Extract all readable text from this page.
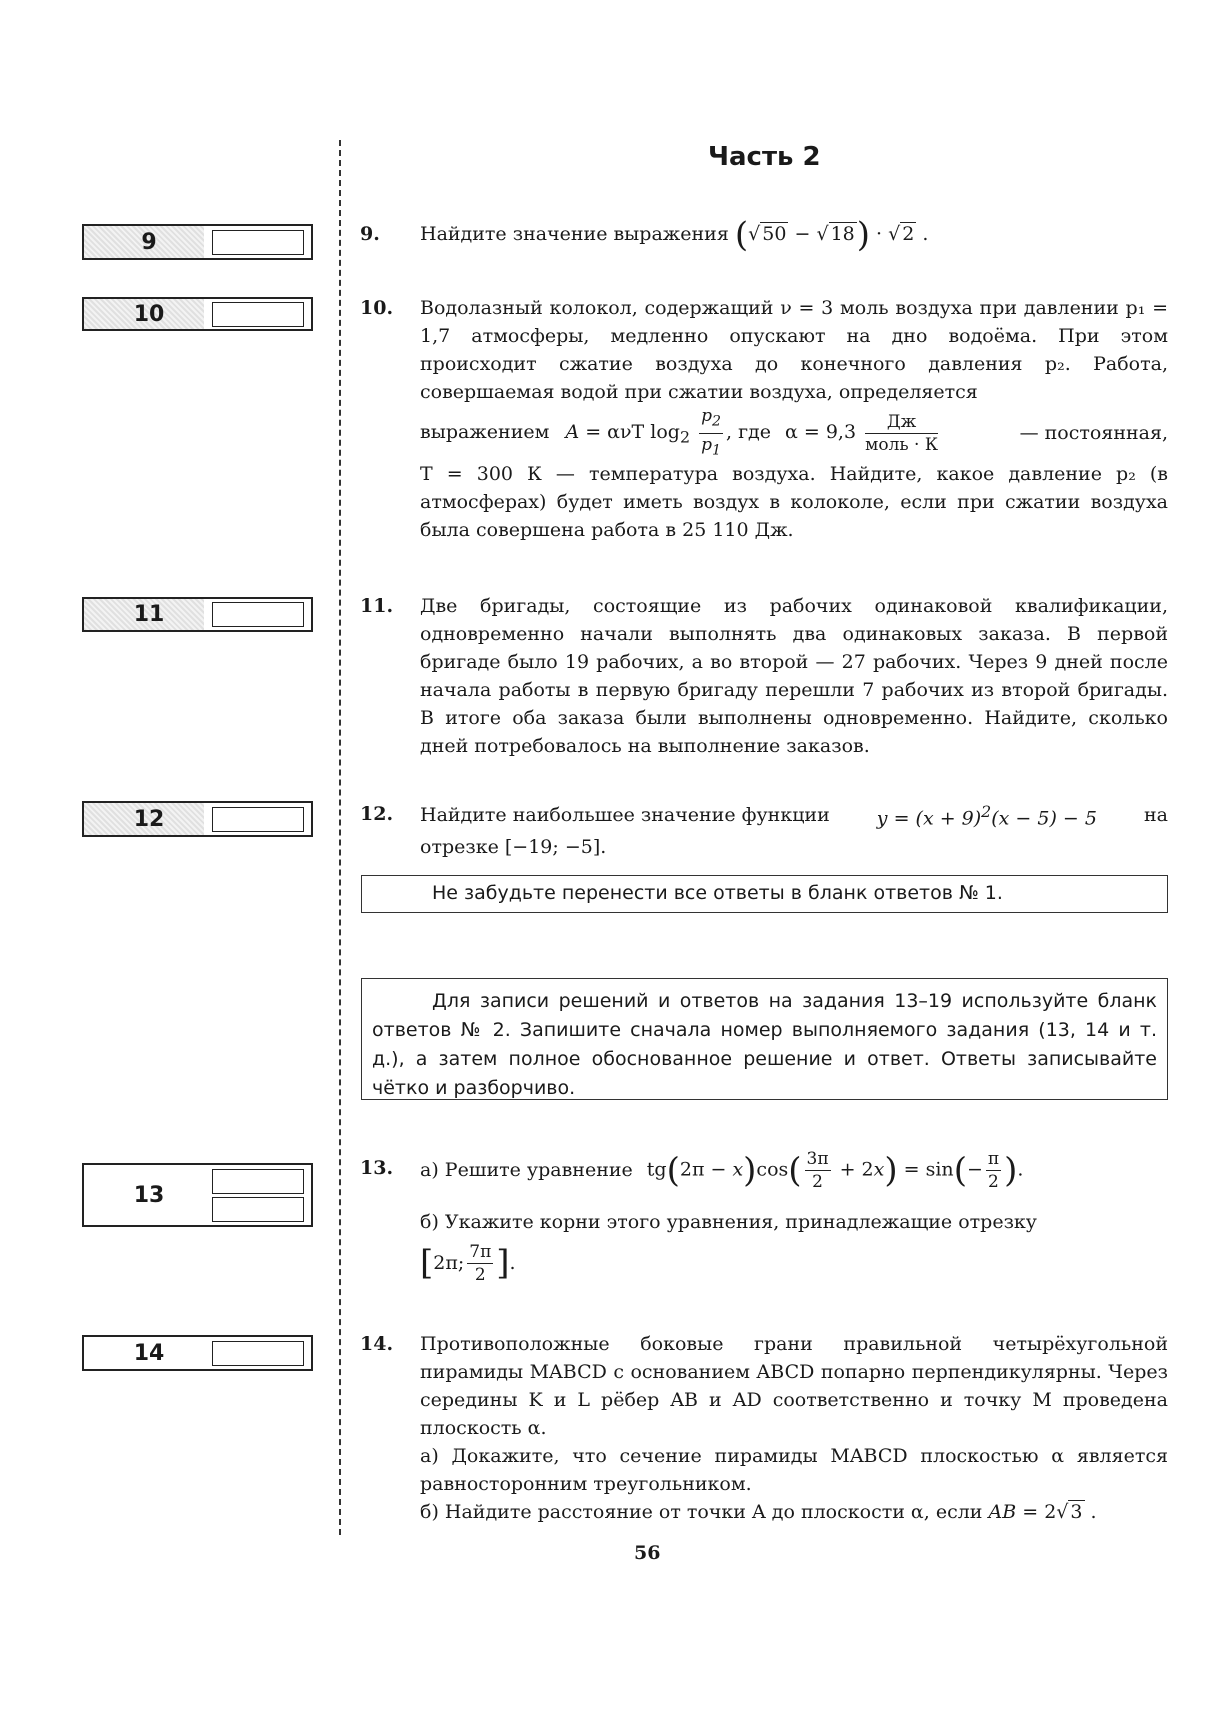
Часть 2
9
10
11
12
13
14
9. Найдите значение выражения (√ 50 − √ 18) · √ 2 .
10. Водолазный колокол, содержащий ν = 3 моль воздуха при давлении p₁ = 1,7 атмосферы, медленно опускают на дно водоёма. При этом происходит сжатие воздуха до конечного давления p₂. Работа, совершаемая водой при сжатии воздуха, определяется
выражением A = ανT $\log_2 \frac{p_2}{p_1}$ , где $\alpha = 9,3 \frac{Дж}{\text{моль · К}}$	— постоянная,
T = 300 К — температура воздуха. Найдите, какое давление p₂ (в атмосферах) будет иметь воздух в колоколе, если при сжатии воздуха была совершена работа в 25 110 Дж.
11. Две бригады, состоящие из рабочих одинаковой квалификации, одновременно начали выполнять два одинаковых заказа. В первой бригаде было 19 рабочих, а во второй — 27 рабочих. Через 9 дней после начала работы в первую бригаду перешли 7 рабочих из второй бригады. В итоге оба заказа были выполнены одновременно. Найдите, сколько дней потребовалось на выполнение заказов.
12. Найдите наибольшее значение функции $y = (x + 9)^2(x - 5) - 5$ на
отрезке [−19; −5].
Не забудьте перенести все ответы в бланк ответов № 1.
Для записи решений и ответов на задания 13–19 используйте бланк ответов № 2. Запишите сначала номер выполняемого задания (13, 14 и т. д.), а затем полное обоснованное решение и ответ. Ответы записывайте чётко и разборчиво.
13. а) Решите уравнение $tg(2\pi - x)\cos( \frac{3\pi}{2} + 2x) = \sin(- \frac{\pi}{2}$ ).
б) Укажите корни этого уравнения, принадлежащие отрезку
[ 2π; $\frac{7\pi}{2}$ ] .
14. Противоположные боковые грани правильной четырёхугольной пирамиды MABCD с основанием ABCD попарно перпендикулярны. Через середины K и L рёбер AB и AD соответственно и точку M проведена плоскость α.
а) Докажите, что сечение пирамиды MABCD плоскостью α является равносторонним треугольником.
б) Найдите расстояние от точки A до плоскости α, если AB = 2√ 3 .
56
